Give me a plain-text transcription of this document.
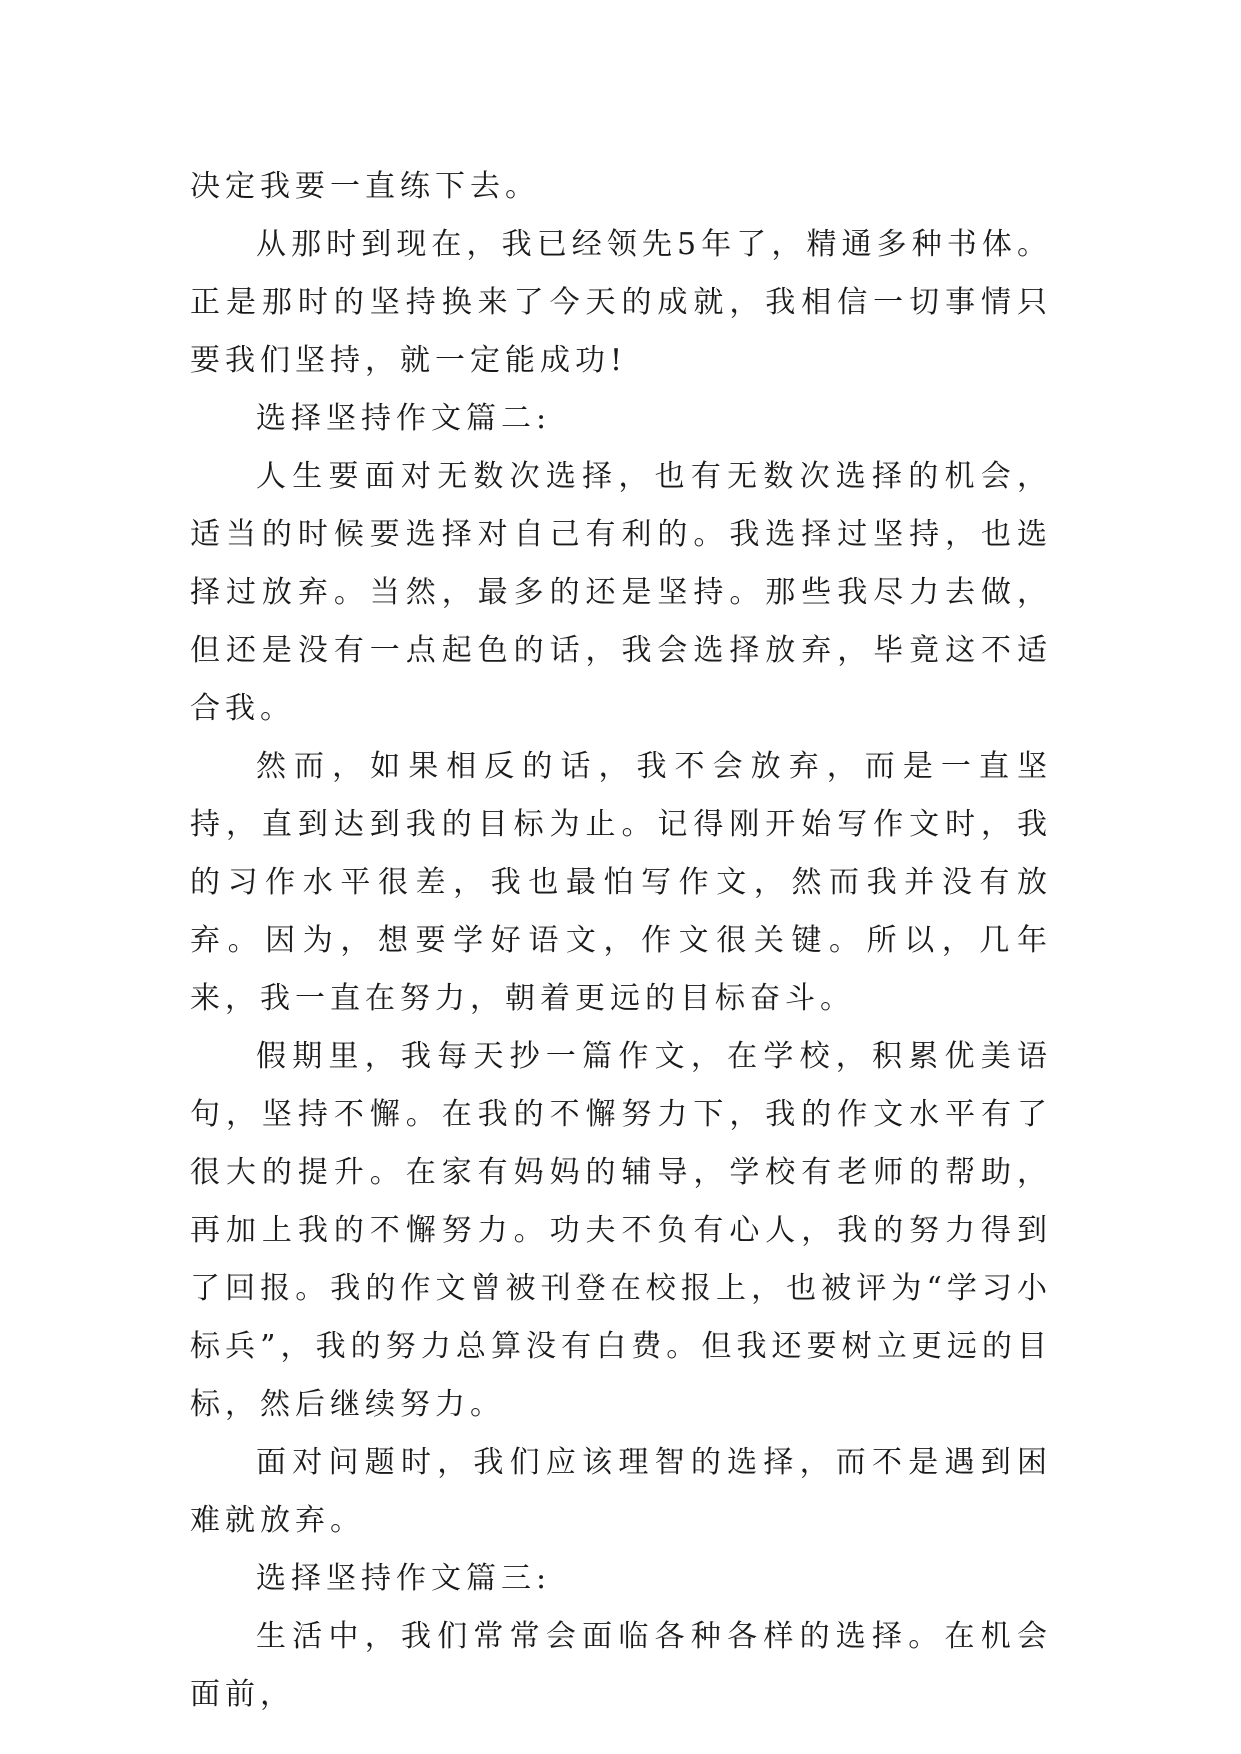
决定我要一直练下去。

从那时到现在，我已经领先5年了，精通多种书体。正是那时的坚持换来了今天的成就，我相信一切事情只要我们坚持，就一定能成功!

选择坚持作文篇二:

人生要面对无数次选择，也有无数次选择的机会，适当的时候要选择对自己有利的。我选择过坚持，也选择过放弃。当然，最多的还是坚持。那些我尽力去做，但还是没有一点起色的话，我会选择放弃，毕竟这不适合我。

然而，如果相反的话，我不会放弃，而是一直坚持，直到达到我的目标为止。记得刚开始写作文时，我的习作水平很差，我也最怕写作文，然而我并没有放弃。因为，想要学好语文，作文很关键。所以，几年来，我一直在努力，朝着更远的目标奋斗。

假期里，我每天抄一篇作文，在学校，积累优美语句，坚持不懈。在我的不懈努力下，我的作文水平有了很大的提升。在家有妈妈的辅导，学校有老师的帮助，再加上我的不懈努力。功夫不负有心人，我的努力得到了回报。我的作文曾被刊登在校报上，也被评为“学习小标兵”，我的努力总算没有白费。但我还要树立更远的目标，然后继续努力。

面对问题时，我们应该理智的选择，而不是遇到困难就放弃。

选择坚持作文篇三:

生活中，我们常常会面临各种各样的选择。在机会面前，
